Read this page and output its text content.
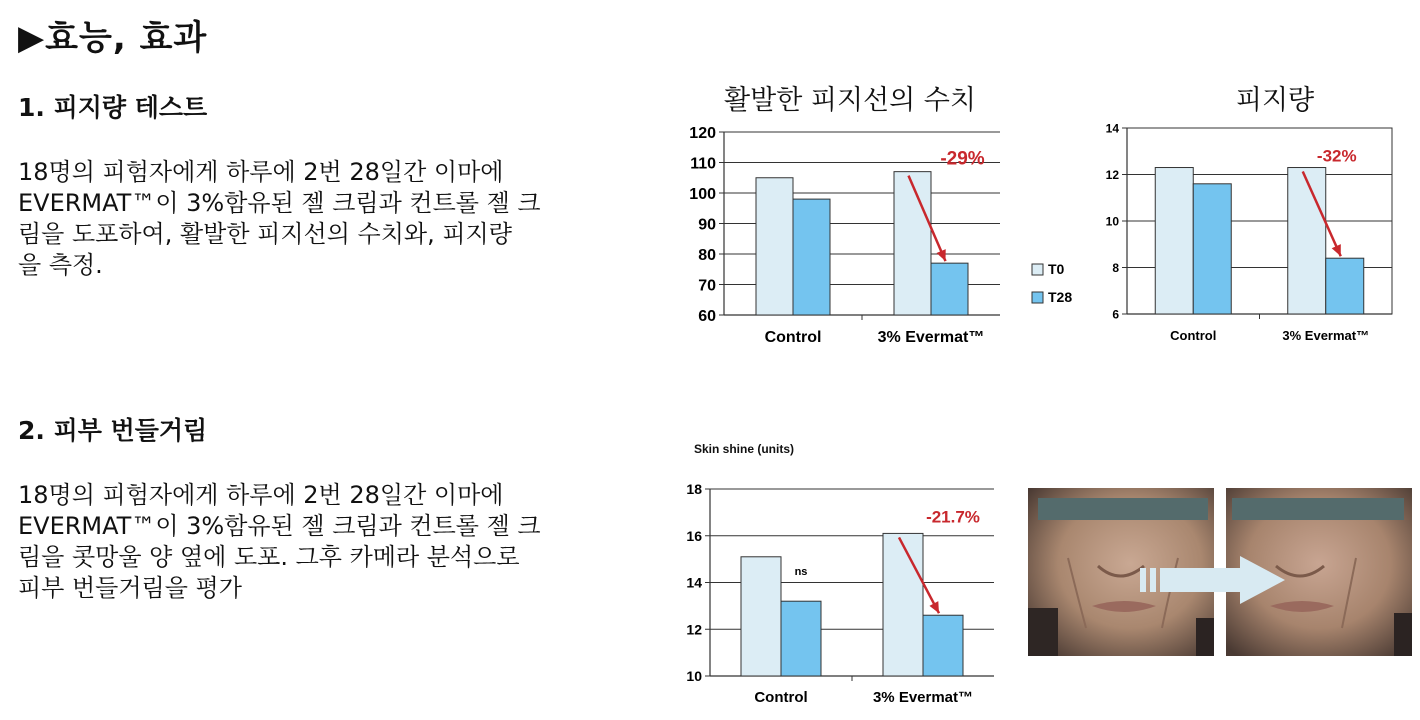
▶효능, 효과
1. 피지량 테스트
18명의 피험자에게 하루에 2번 28일간 이마에
EVERMAT™이 3%함유된 젤 크림과 컨트롤 젤 크
림을 도포하여, 활발한 피지선의 수치와, 피지량
을 측정.
2. 피부 번들거림
18명의 피험자에게 하루에 2번 28일간 이마에
EVERMAT™이 3%함유된 젤 크림과 컨트롤 젤 크
림을 콧망울 양 옆에 도포. 그후 카메라 분석으로
피부 번들거림을 평가
활발한 피지선의 수치	피지량
60
70
80
90
100
110
120
Control	3% Evermat™
-29%
T0
T28
6
8
10
12
14
Control	3% Evermat™
-32%
Skin shine (units)
10
12
14
16
18
Control	3% Evermat™
-21.7%
ns
